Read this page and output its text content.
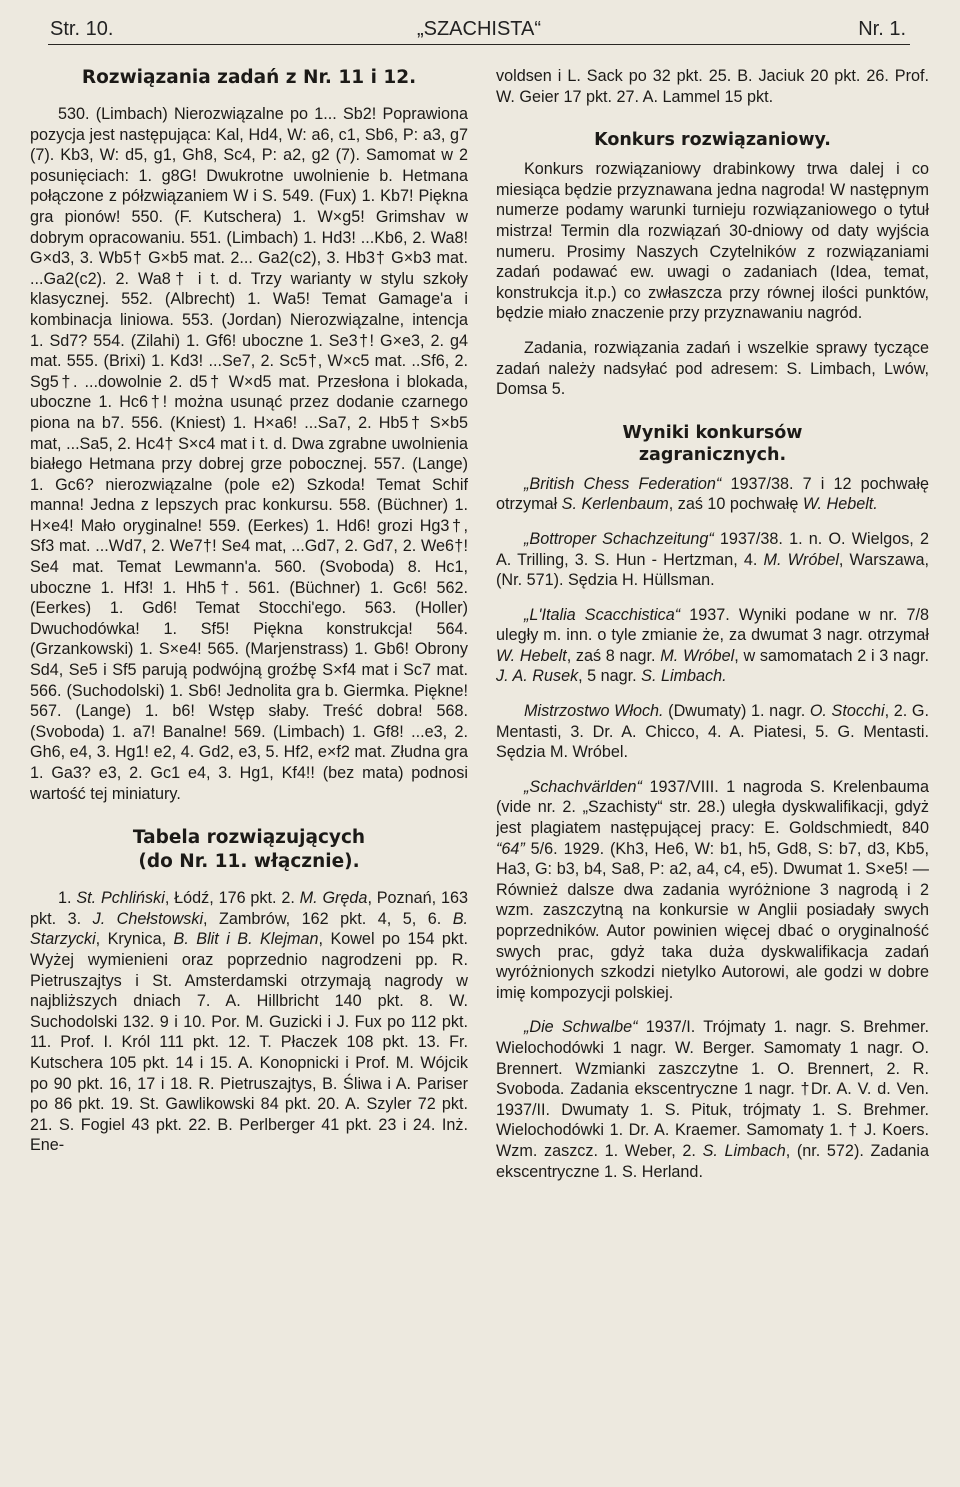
Str. 10.	„SZACHISTA“	Nr. 1.
Rozwiązania zadań z Nr. 11 i 12.

530. (Limbach) Nierozwiązalne po 1... Sb2! Poprawiona pozycja jest następująca: Kal, Hd4, W: a6, c1, Sb6, P: a3, g7 (7). Kb3, W: d5, g1, Gh8, Sc4, P: a2, g2 (7). Samomat w 2 posunięciach: 1. g8G! Dwukrotne uwolnienie b. Hetmana połączone z półzwiązaniem W i S. 549. (Fux) 1. Kb7! Piękna gra pionów! 550. (F. Kutschera) 1. W×g5! Grimshav w dobrym opracowaniu. 551. (Limbach) 1. Hd3! ...Kb6, 2. Wa8! G×d3, 3. Wb5† G×b5 mat. 2... Ga2(c2), 3. Hb3† G×b3 mat. ...Ga2(c2). 2. Wa8† i t. d. Trzy warianty w stylu szkoły klasycznej. 552. (Albrecht) 1. Wa5! Temat Gamage'a i kombinacja liniowa. 553. (Jordan) Nierozwiązalne, intencja 1. Sd7? 554. (Zilahi) 1. Gf6! uboczne 1. Se3†! G×e3, 2. g4 mat. 555. (Brixi) 1. Kd3! ...Se7, 2. Sc5†, W×c5 mat. ..Sf6, 2. Sg5†. ...dowolnie 2. d5† W×d5 mat. Przesłona i blokada, uboczne 1. Hc6†! można usunąć przez dodanie czarnego piona na b7. 556. (Kniest) 1. H×a6! ...Sa7, 2. Hb5† S×b5 mat, ...Sa5, 2. Hc4† S×c4 mat i t. d. Dwa zgrabne uwolnienia białego Hetmana przy dobrej grze pobocznej. 557. (Lange) 1. Gc6? nierozwiązalne (pole e2) Szkoda! Temat Schif manna! Jedna z lepszych prac konkursu. 558. (Büchner) 1. H×e4! Mało oryginalne! 559. (Eerkes) 1. Hd6! grozi Hg3†, Sf3 mat. ...Wd7, 2. We7†! Se4 mat, ...Gd7, 2. Gd7, 2. We6†! Se4 mat. Temat Lewmann'a. 560. (Svoboda) 8. Hc1, uboczne 1. Hf3! 1. Hh5†. 561. (Büchner) 1. Gc6! 562. (Eerkes) 1. Gd6! Temat Stocchi'ego. 563. (Holler) Dwuchodówka! 1. Sf5! Piękna konstrukcja! 564. (Grzankowski) 1. S×e4! 565. (Marjenstrass) 1. Gb6! Obrony Sd4, Se5 i Sf5 parują podwójną groźbę S×f4 mat i Sc7 mat. 566. (Suchodolski) 1. Sb6! Jednolita gra b. Giermka. Piękne! 567. (Lange) 1. b6! Wstęp słaby. Treść dobra! 568. (Svoboda) 1. a7! Banalne! 569. (Limbach) 1. Gf8! ...e3, 2. Gh6, e4, 3. Hg1! e2, 4. Gd2, e3, 5. Hf2, e×f2 mat. Złudna gra 1. Ga3? e3, 2. Gc1 e4, 3. Hg1, Kf4!! (bez mata) podnosi wartość tej miniatury.

Tabela rozwiązujących
(do Nr. 11. włącznie).

1. St. Pchliński, Łódź, 176 pkt. 2. M. Gręda, Poznań, 163 pkt. 3. J. Chełstowski, Zambrów, 162 pkt. 4, 5, 6. B. Starzycki, Krynica, B. Blit i B. Klejman, Kowel po 154 pkt. Wyżej wymienieni oraz poprzednio nagrodzeni pp. R. Pietruszajtys i St. Amsterdamski otrzymają nagrody w najbliższych dniach 7. A. Hillbricht 140 pkt. 8. W. Suchodolski 132. 9 i 10. Por. M. Guzicki i J. Fux po 112 pkt. 11. Prof. I. Król 111 pkt. 12. T. Płaczek 108 pkt. 13. Fr. Kutschera 105 pkt. 14 i 15. A. Konopnicki i Prof. M. Wójcik po 90 pkt. 16, 17 i 18. R. Pietruszajtys, B. Śliwa i A. Pariser po 86 pkt. 19. St. Gawlikowski 84 pkt. 20. A. Szyler 72 pkt. 21. S. Fogiel 43 pkt. 22. B. Perlberger 41 pkt. 23 i 24. Inż. Ene-

voldsen i L. Sack po 32 pkt. 25. B. Jaciuk 20 pkt. 26. Prof. W. Geier 17 pkt. 27. A. Lammel 15 pkt.

Konkurs rozwiązaniowy.

Konkurs rozwiązaniowy drabinkowy trwa dalej i co miesiąca będzie przyznawana jedna nagroda! W następnym numerze podamy warunki turnieju rozwiązaniowego o tytuł mistrza! Termin dla rozwiązań 30-dniowy od daty wyjścia numeru. Prosimy Naszych Czytelników z rozwiązaniami zadań podawać ew. uwagi o zadaniach (Idea, temat, konstrukcja it.p.) co zwłaszcza przy równej ilości punktów, będzie miało znaczenie przy przyznawaniu nagród.

Zadania, rozwiązania zadań i wszelkie sprawy tyczące zadań należy nadsyłać pod adresem: S. Limbach, Lwów, Domsa 5.

Wyniki konkursów
zagranicznych.

„British Chess Federation“ 1937/38. 7 i 12 pochwałę otrzymał S. Kerlenbaum, zaś 10 pochwałę W. Hebelt.

„Bottroper Schachzeitung“ 1937/38. 1. n. O. Wielgos, 2 A. Trilling, 3. S. Hun - Hertzman, 4. M. Wróbel, Warszawa, (Nr. 571). Sędzia H. Hüllsman.

„L'Italia Scacchistica“ 1937. Wyniki podane w nr. 7/8 uległy m. inn. o tyle zmianie że, za dwumat 3 nagr. otrzymał W. Hebelt, zaś 8 nagr. M. Wróbel, w samomatach 2 i 3 nagr. J. A. Rusek, 5 nagr. S. Limbach.

Mistrzostwo Włoch. (Dwumaty) 1. nagr. O. Stocchi, 2. G. Mentasti, 3. Dr. A. Chicco, 4. A. Piatesi, 5. G. Mentasti. Sędzia M. Wróbel.

„Schachvärlden“ 1937/VIII. 1 nagroda S. Krelenbauma (vide nr. 2. „Szachisty“ str. 28.) uległa dyskwalifikacji, gdyż jest plagiatem następującej pracy: E. Goldschmiedt, 840 “64” 5/6. 1929. (Kh3, He6, W: b1, h5, Gd8, S: b7, d3, Kb5, Ha3, G: b3, b4, Sa8, P: a2, a4, c4, e5). Dwumat 1. S×e5! — Również dalsze dwa zadania wyróżnione 3 nagrodą i 2 wzm. zaszczytną na konkursie w Anglii posiadały swych poprzedników. Autor powinien więcej dbać o oryginalność swych prac, gdyż taka duża dyskwalifikacja zadań wyróżnionych szkodzi nietylko Autorowi, ale godzi w dobre imię kompozycji polskiej.

„Die Schwalbe“ 1937/I. Trójmaty 1. nagr. S. Brehmer. Wielochodówki 1 nagr. W. Berger. Samomaty 1 nagr. O. Brennert. Wzmianki zaszczytne 1. O. Brennert, 2. R. Svoboda. Zadania ekscentryczne 1 nagr. †Dr. A. V. d. Ven. 1937/II. Dwumaty 1. S. Pituk, trójmaty 1. S. Brehmer. Wielochodówki 1. Dr. A. Kraemer. Samomaty 1. † J. Koers. Wzm. zaszcz. 1. Weber, 2. S. Limbach, (nr. 572). Zadania ekscentryczne 1. S. Herland.
